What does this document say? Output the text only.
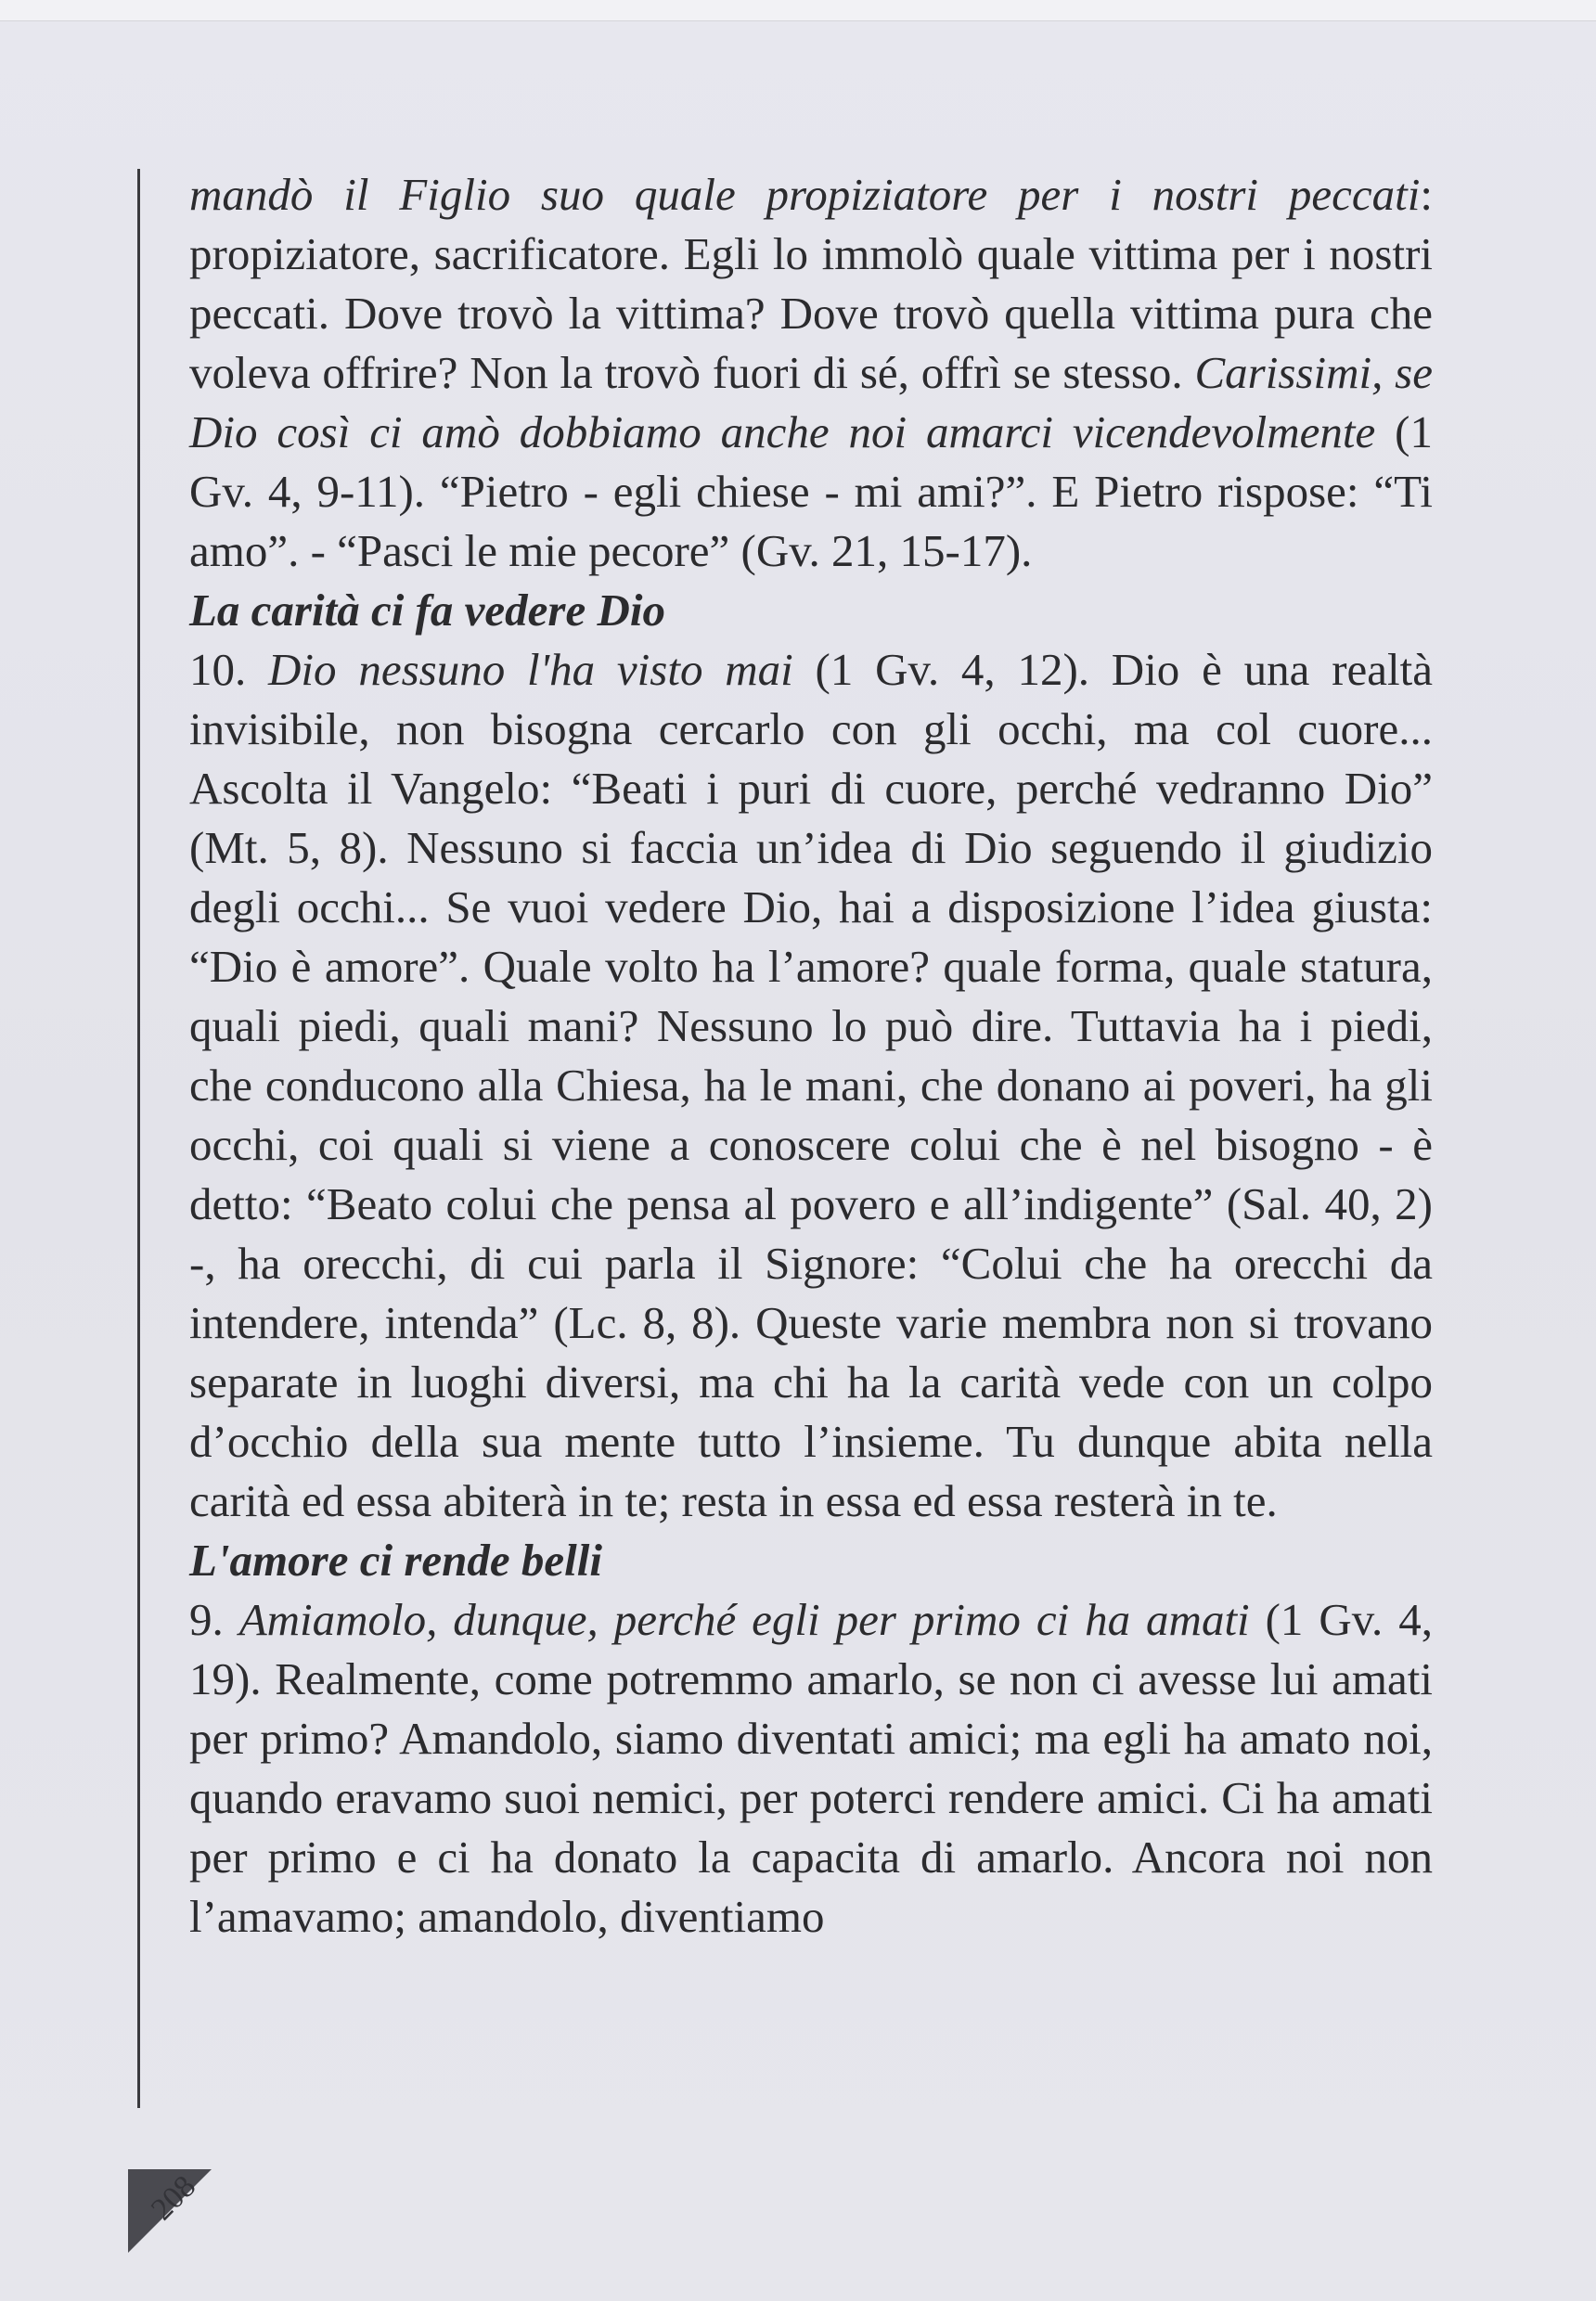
mandò il Figlio suo quale propiziatore per i nostri peccati: propiziatore, sacrificatore. Egli lo immolò quale vittima per i nostri peccati. Dove trovò la vittima? Dove trovò quella vittima pura che voleva offrire? Non la trovò fuori di sé, offrì se stesso. Carissimi, se Dio così ci amò dobbiamo anche noi amarci vicendevolmente (1 Gv. 4, 9-11). “Pietro - egli chiese - mi ami?”. E Pietro rispose: “Ti amo”. - “Pasci le mie pecore” (Gv. 21, 15-17).

La carità ci fa vedere Dio

10. Dio nessuno l'ha visto mai (1 Gv. 4, 12). Dio è una realtà invisibile, non bisogna cercarlo con gli occhi, ma col cuore... Ascolta il Vangelo: “Beati i puri di cuore, perché vedranno Dio” (Mt. 5, 8). Nessuno si faccia un’idea di Dio seguendo il giudizio degli occhi... Se vuoi vedere Dio, hai a disposizione l’idea giusta: “Dio è amore”. Quale volto ha l’amore? quale forma, quale statura, quali piedi, quali mani? Nessuno lo può dire. Tuttavia ha i piedi, che conducono alla Chiesa, ha le mani, che donano ai poveri, ha gli occhi, coi quali si viene a conoscere colui che è nel bisogno - è detto: “Beato colui che pensa al povero e all’indigente” (Sal. 40, 2) -, ha orecchi, di cui parla il Signore: “Colui che ha orecchi da intendere, intenda” (Lc. 8, 8). Queste varie membra non si trovano separate in luoghi diversi, ma chi ha la carità vede con un colpo d’occhio della sua mente tutto l’insieme. Tu dunque abita nella carità ed essa abiterà in te; resta in essa ed essa resterà in te.

L'amore ci rende belli

9. Amiamolo, dunque, perché egli per primo ci ha amati (1 Gv. 4, 19). Realmente, come potremmo amarlo, se non ci avesse lui amati per primo? Amandolo, siamo diventati amici; ma egli ha amato noi, quando eravamo suoi nemici, per poterci rendere amici. Ci ha amati per primo e ci ha donato la capacita di amarlo. Ancora noi non l’amavamo; amandolo, diventiamo

208
